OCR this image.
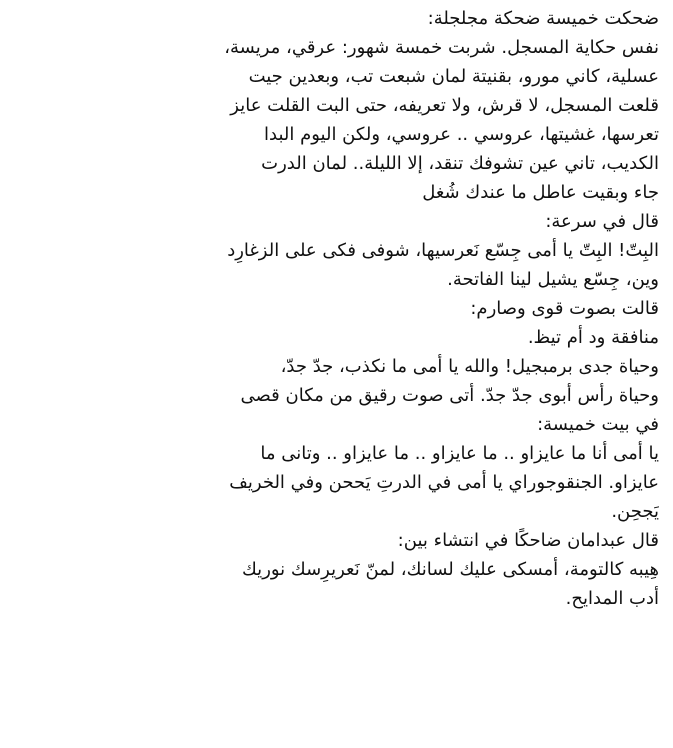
ضحكت خميسة ضحكة مجلجلة:
نفس حكاية المسجل. شربت خمسة شهور: عرقي، مريسة،
عسلية، كاني مورو، بقنيتة لمان شبعت تب، وبعدين جيت
قلعت المسجل، لا قرش، ولا تعريفه، حتى البت القلت عايز
تعرسها، غشيتها، عروسي .. عروسي، ولكن اليوم البدا
الكديب، تاني عين تشوفك تنقد، إلا الليلة.. لمان الدرت
جاء وبقيت عاطل ما عندك شُغل
قال في سرعة:
البِتّ! البِتّ يا أمى جِسّع نَعرسيها، شوفى فكى على الزغارِد
وين، جِسّع يشيل لينا الفاتحة.
قالت بصوت قوى وصارم:
منافقة ود أم تيظ.
وحياة جدى برمبجيل! والله يا أمى ما نكذب، جدّ جدّ،
وحياة رأس أبوى جدّ جدّ. أتى صوت رقيق من مكان قصى
في بيت خميسة:
يا أمى أنا ما عايزاو .. ما عايزاو .. ما عايزاو .. وتانى ما
عايزاو. الجنقوجوراي يا أمى في الدرتِ يَححن وفي الخريف
يَجحِن.
قال عبدامان ضاحكًا في انتشاء بين:
هِيبه كالتومة، أمسكى عليك لسانك، لمنّ نَعريرِسك نوريك
أدب المدايح.
